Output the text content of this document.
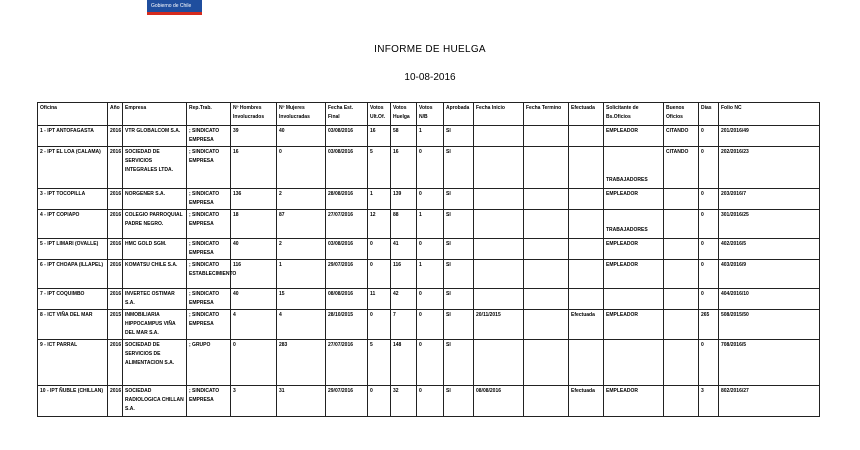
Gobierno de Chile
INFORME DE HUELGA
10-08-2016
Oficina	Año	Empresa	Rep.Trab.	Nº Hombres Involucrados	Nº Mujeres Involucradas	Fecha Est. Final	Votos Ult.Of.	Votos Huelga	Votos N/B	Aprobada	Fecha Inicio	Fecha Termino	Efectuada	Solicitante de Bs.Oficios	Buenos Oficios	Días	Folio NC
1 - IPT ANTOFAGASTA	2016	VTR GLOBALCOM S.A.	; SINDICATO EMPRESA	39	40	03/08/2016	16	58	1	SI				EMPLEADOR	CITANDO	0	201/2016/49
2 - IPT EL LOA (CALAMA)	2016	SOCIEDAD DE SERVICIOS INTEGRALES LTDA.	; SINDICATO EMPRESA	16	0	03/08/2016	5	16	0	SI				TRABAJADORES	CITANDO	0	202/2016/23
3 - IPT TOCOPILLA	2016	NORGENER S.A.	; SINDICATO EMPRESA	136	2	28/08/2016	1	139	0	SI				EMPLEADOR		0	203/2016/7
4 - IPT COPIAPO	2016	COLEGIO PARROQUIAL PADRE NEGRO.	; SINDICATO EMPRESA	18	87	27/07/2016	12	88	1	SI				TRABAJADORES		0	301/2016/25
5 - IPT LIMARI (OVALLE)	2016	HMC GOLD SGM.	; SINDICATO EMPRESA	40	2	03/08/2016	0	41	0	SI				EMPLEADOR		0	402/2016/5
6 - IPT CHOAPA (ILLAPEL)	2016	KOMATSU CHILE S.A.	; SINDICATO ESTABLECIMIENTO	116	1	29/07/2016	0	116	1	SI				EMPLEADOR		0	403/2016/9
7 - IPT COQUIMBO	2016	INVERTEC OSTIMAR S.A.	; SINDICATO EMPRESA	40	15	08/08/2016	11	42	0	SI						0	404/2016/10
8 - ICT VIÑA DEL MAR	2015	INMOBILIARIA HIPPOCAMPUS VIÑA DEL MAR S.A.	; SINDICATO EMPRESA	4	4	28/10/2015	0	7	0	SI	20/11/2015		Efectuada	EMPLEADOR		265	508/2015/50
9 - ICT PARRAL	2016	SOCIEDAD DE SERVICIOS DE ALIMENTACION S.A.	; GRUPO	0	283	27/07/2016	5	148	0	SI						0	708/2016/5
10 - IPT ÑUBLE (CHILLAN)	2016	SOCIEDAD RADIOLOGICA CHILLAN S.A.	; SINDICATO EMPRESA	3	31	29/07/2016	0	32	0	SI	08/08/2016		Efectuada	EMPLEADOR		3	802/2016/27
